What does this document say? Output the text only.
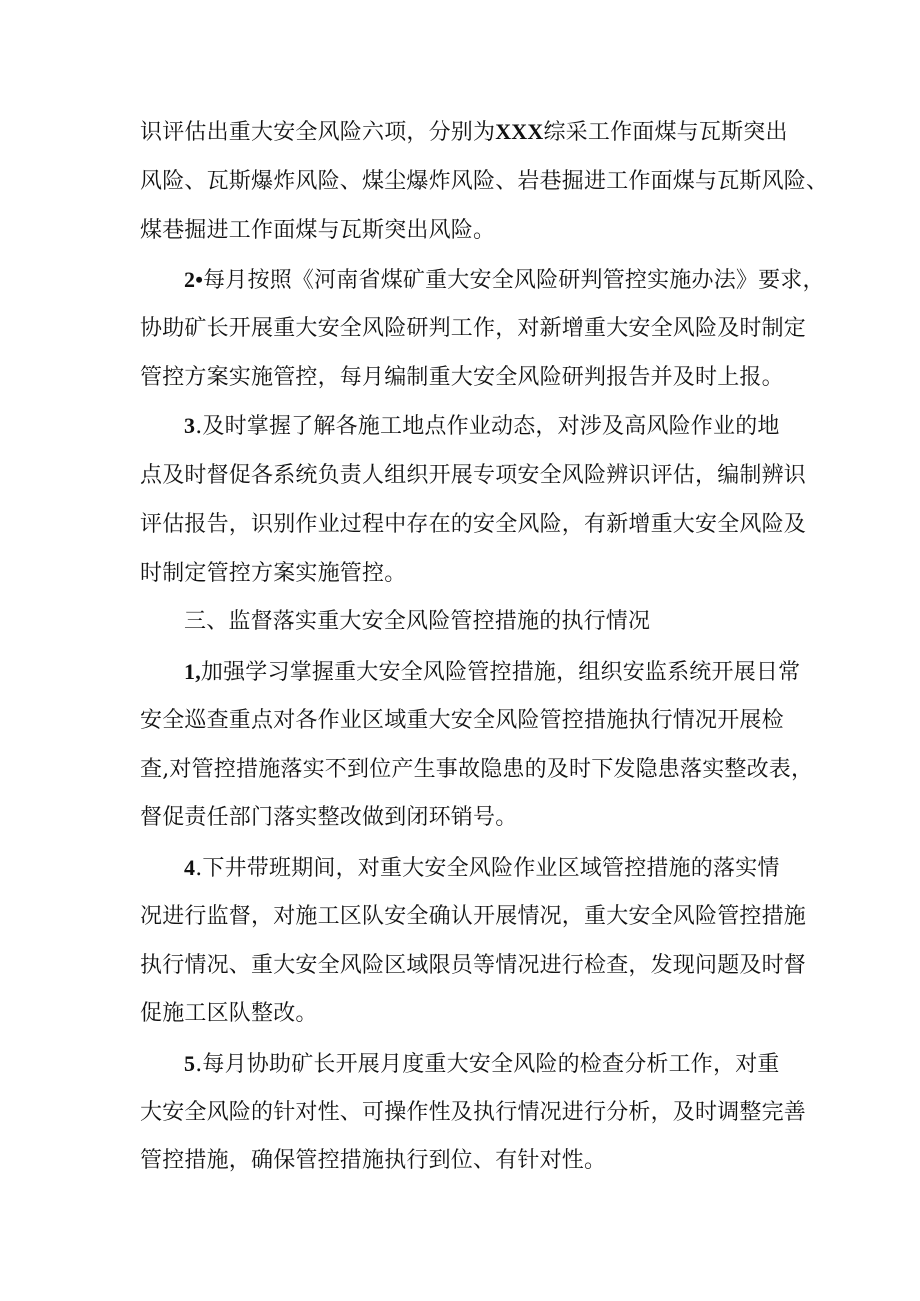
识评估出重大安全风险六项，分别为XXX综采工作面煤与瓦斯突出
风险、瓦斯爆炸风险、煤尘爆炸风险、岩巷掘进工作面煤与瓦斯风险、
煤巷掘进工作面煤与瓦斯突出风险。
2•每月按照《河南省煤矿重大安全风险研判管控实施办法》要求，
协助矿长开展重大安全风险研判工作，对新增重大安全风险及时制定
管控方案实施管控，每月编制重大安全风险研判报告并及时上报。
3.及时掌握了解各施工地点作业动态，对涉及高风险作业的地
点及时督促各系统负责人组织开展专项安全风险辨识评估，编制辨识
评估报告，识别作业过程中存在的安全风险，有新增重大安全风险及
时制定管控方案实施管控。
三、监督落实重大安全风险管控措施的执行情况
1,加强学习掌握重大安全风险管控措施，组织安监系统开展日常
安全巡查重点对各作业区域重大安全风险管控措施执行情况开展检
查,对管控措施落实不到位产生事故隐患的及时下发隐患落实整改表，
督促责任部门落实整改做到闭环销号。
4.下井带班期间，对重大安全风险作业区域管控措施的落实情
况进行监督，对施工区队安全确认开展情况，重大安全风险管控措施
执行情况、重大安全风险区域限员等情况进行检查，发现问题及时督
促施工区队整改。
5.每月协助矿长开展月度重大安全风险的检查分析工作，对重
大安全风险的针对性、可操作性及执行情况进行分析，及时调整完善
管控措施，确保管控措施执行到位、有针对性。
